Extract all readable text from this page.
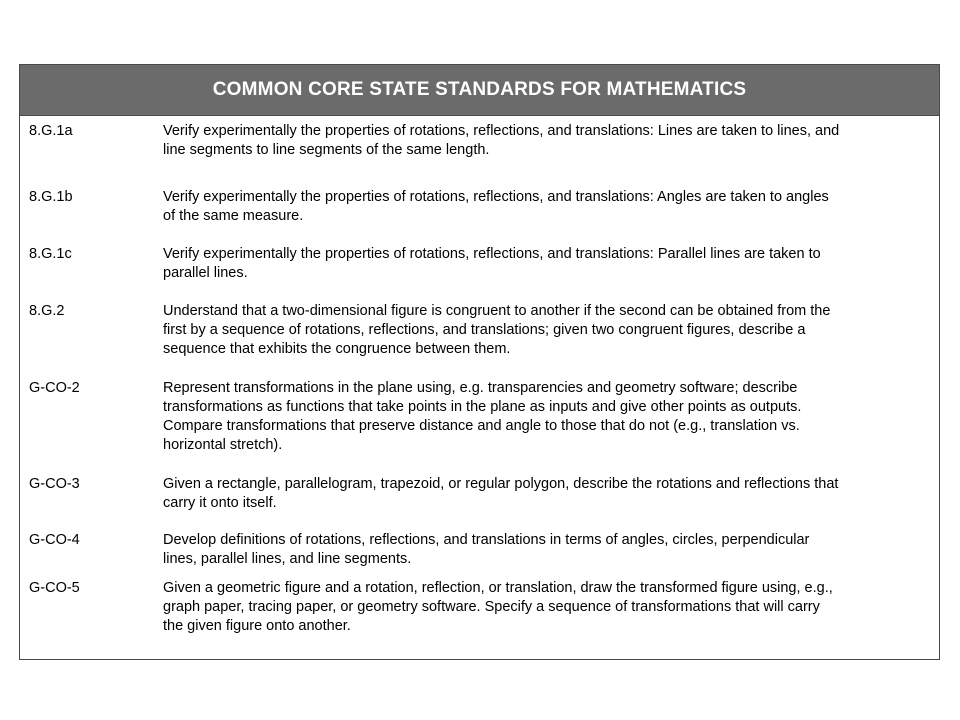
COMMON CORE STATE STANDARDS FOR MATHEMATICS
8.G.1a	Verify experimentally the properties of rotations, reflections, and translations: Lines are taken to lines, and
line segments to line segments of the same length.
8.G.1b	Verify experimentally the properties of rotations, reflections, and translations: Angles are taken to angles
of the same measure.
8.G.1c	Verify experimentally the properties of rotations, reflections, and translations: Parallel lines are taken to
parallel lines.
8.G.2	Understand that a two-dimensional figure is congruent to another if the second can be obtained from the
first by a sequence of rotations, reflections, and translations; given two congruent figures, describe a
sequence that exhibits the congruence between them.
G-CO-2	Represent transformations in the plane using, e.g. transparencies and geometry software; describe
transformations as functions that take points in the plane as inputs and give other points as outputs.
Compare transformations that preserve distance and angle to those that do not (e.g., translation vs.
horizontal stretch).
G-CO-3	Given a rectangle, parallelogram, trapezoid, or regular polygon, describe the rotations and reflections that
carry it onto itself.
G-CO-4	Develop definitions of rotations, reflections, and translations in terms of angles, circles, perpendicular
lines, parallel lines, and line segments.
G-CO-5	Given a geometric figure and a rotation, reflection, or translation, draw the transformed figure using, e.g.,
graph paper, tracing paper, or geometry software. Specify a sequence of transformations that will carry
the given figure onto another.
